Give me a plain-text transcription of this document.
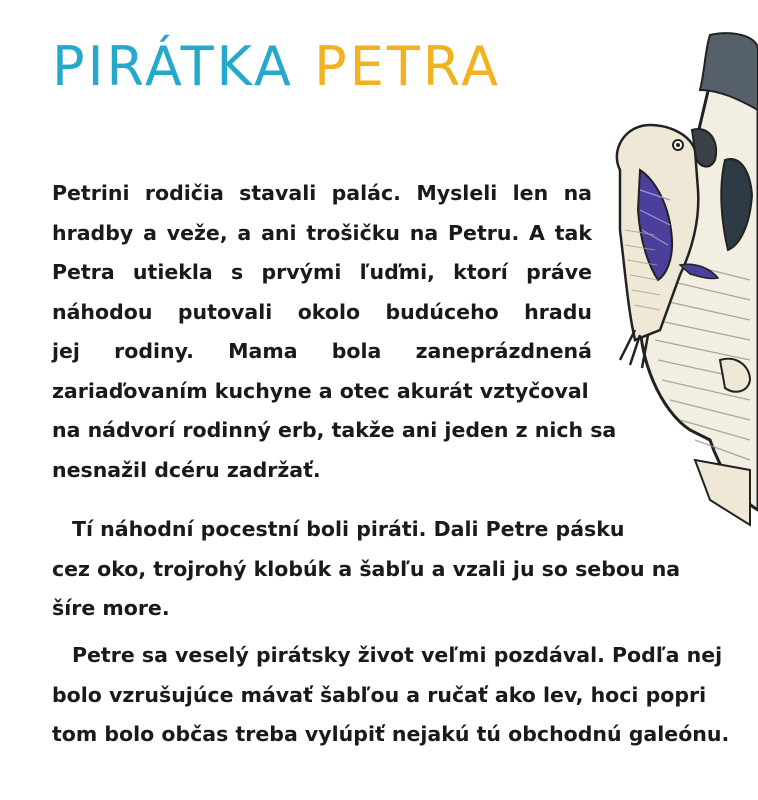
PIRÁTKA PETRA
Petrini rodičia stavali palác. Mysleli len na
hradby a veže, a ani trošičku na Petru. A tak
Petra utiekla s prvými ľuďmi, ktorí práve
náhodou putovali okolo budúceho hradu
jej rodiny. Mama bola zaneprázdnená
zariaďovaním kuchyne a otec akurát vztyčoval
na nádvorí rodinný erb, takže ani jeden z nich sa
nesnažil dcéru zadržať.
Tí náhodní pocestní boli piráti. Dali Petre pásku
cez oko, trojrohý klobúk a šabľu a vzali ju so sebou na
šíre more.
Petre sa veselý pirátsky život veľmi pozdával. Podľa nej
bolo vzrušujúce mávať šabľou a ručať ako lev, hoci popri
tom bolo občas treba vylúpiť nejakú tú obchodnú galeónu.
